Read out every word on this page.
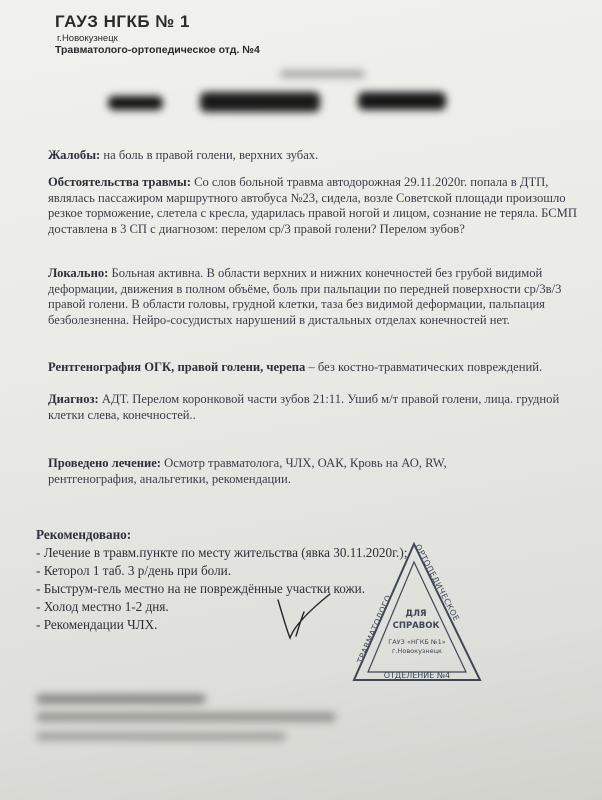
ГАУЗ НГКБ № 1
г.Новокузнецк
Травматолого-ортопедическое отд. №4
Жалобы: на боль в правой голени, верхних зубах.
Обстоятельства травмы: Со слов больной травма автодорожная 29.11.2020г. попала в ДТП, являлась пассажиром маршрутного автобуса №23, сидела, возле Советской площади произошло резкое торможение, слетела с кресла, ударилась правой ногой и лицом, сознание не теряла. БСМП доставлена в 3 СП с диагнозом: перелом ср/3 правой голени? Перелом зубов?
Локально: Больная активна. В области верхних и нижних конечностей без грубой видимой деформации, движения в полном объёме, боль при пальпации по передней поверхности ср/3в/3 правой голени. В области головы, грудной клетки, таза без видимой деформации, пальпация безболезненна. Нейро-сосудистых нарушений в дистальных отделах конечностей нет.
Рентгенография ОГК, правой голени, черепа – без костно-травматических повреждений.
Диагноз: АДТ. Перелом коронковой части зубов 21:11. Ушиб м/т правой голени, лица. грудной клетки слева, конечностей..
Проведено лечение: Осмотр травматолога, ЧЛХ, ОАК, Кровь на АО, RW, рентгенография, анальгетики, рекомендации.
Рекомендовано:
- Лечение в травм.пункте по месту жительства (явка 30.11.2020г.);
- Кеторол 1 таб. 3 р/день при боли.
- Быструм-гель местно на не повреждённые участки кожи.
- Холод местно 1-2 дня.
- Рекомендации ЧЛХ.
ОРТОПЕДИЧЕСКОЕ
ТРАВМАТОЛОГО
ДЛЯ
СПРАВОК
ГАУЗ «НГКБ №1»
г.Новокузнецк
ОТДЕЛЕНИЕ №4
